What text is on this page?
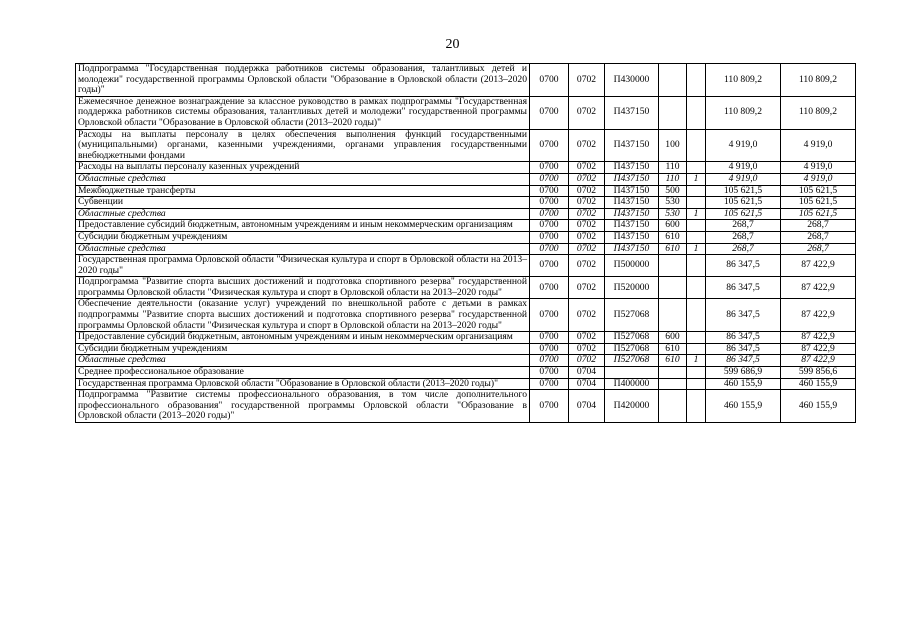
20
Подпрограмма "Государственная поддержка работников системы образования, талантливых детей и молодежи" государственной программы Орловской области "Образование в Орловской области (2013–2020 годы)"	0700	0702	П430000			110 809,2	110 809,2
Ежемесячное денежное вознаграждение за классное руководство в рамках подпрограммы "Государственная поддержка работников системы образования, талантливых детей и молодежи" государственной программы Орловской области "Образование в Орловской области (2013–2020 годы)"	0700	0702	П437150			110 809,2	110 809,2
Расходы на выплаты персоналу в целях обеспечения выполнения функций государственными (муниципальными) органами, казенными учреждениями, органами управления государственными внебюджетными фондами	0700	0702	П437150	100		4 919,0	4 919,0
Расходы на выплаты персоналу казенных учреждений	0700	0702	П437150	110		4 919,0	4 919,0
Областные средства	0700	0702	П437150	110	1	4 919,0	4 919,0
Межбюджетные трансферты	0700	0702	П437150	500		105 621,5	105 621,5
Субвенции	0700	0702	П437150	530		105 621,5	105 621,5
Областные средства	0700	0702	П437150	530	1	105 621,5	105 621,5
Предоставление субсидий бюджетным, автономным учреждениям и иным некоммерческим организациям	0700	0702	П437150	600		268,7	268,7
Субсидии бюджетным учреждениям	0700	0702	П437150	610		268,7	268,7
Областные средства	0700	0702	П437150	610	1	268,7	268,7
Государственная программа Орловской области "Физическая культура и спорт в Орловской области на 2013–2020 годы"	0700	0702	П500000			86 347,5	87 422,9
Подпрограмма "Развитие спорта высших достижений и подготовка спортивного резерва" государственной программы Орловской области "Физическая культура и спорт в Орловской области на 2013–2020 годы"	0700	0702	П520000			86 347,5	87 422,9
Обеспечение деятельности (оказание услуг) учреждений по внешкольной работе с детьми в рамках подпрограммы "Развитие спорта высших достижений и подготовка спортивного резерва" государственной программы Орловской области "Физическая культура и спорт в Орловской области на 2013–2020 годы"	0700	0702	П527068			86 347,5	87 422,9
Предоставление субсидий бюджетным, автономным учреждениям и иным некоммерческим организациям	0700	0702	П527068	600		86 347,5	87 422,9
Субсидии бюджетным учреждениям	0700	0702	П527068	610		86 347,5	87 422,9
Областные средства	0700	0702	П527068	610	1	86 347,5	87 422,9
Среднее профессиональное образование	0700	0704				599 686,9	599 856,6
Государственная программа Орловской области "Образование в Орловской области (2013–2020 годы)"	0700	0704	П400000			460 155,9	460 155,9
Подпрограмма "Развитие системы профессионального образования, в том числе дополнительного профессионального образования" государственной программы Орловской области "Образование в Орловской области (2013–2020 годы)"	0700	0704	П420000			460 155,9	460 155,9
